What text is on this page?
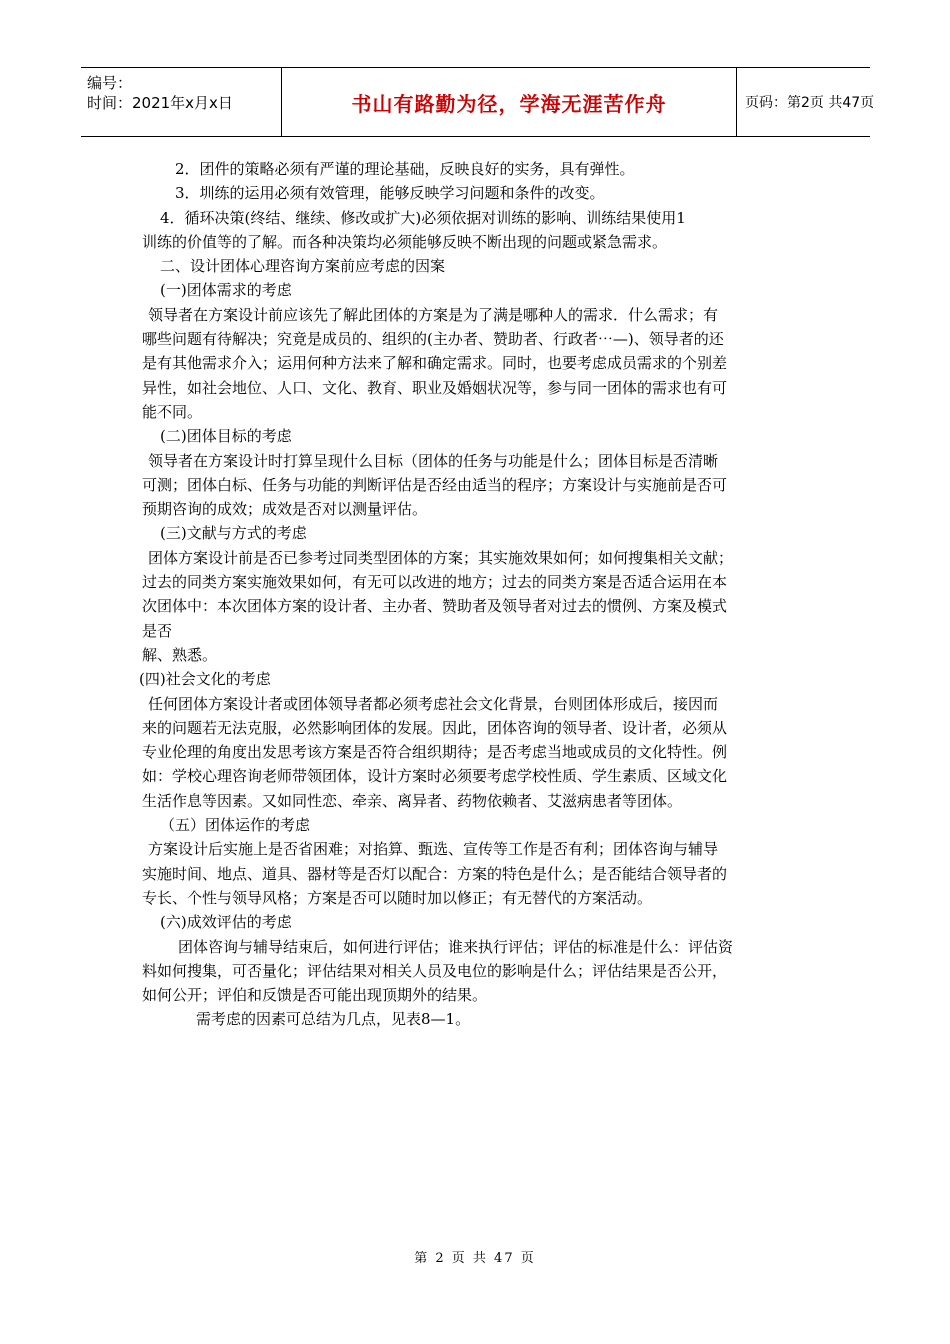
编号：
时间：2021年x月x日	书山有路勤为径，学海无涯苦作舟	页码：第2页 共47页

2．团件的策略必须有严谨的理论基础，反映良好的实务，具有弹性。

3．圳练的运用必须有效管理，能够反映学习问题和条件的改变。

4．循环决策(终结、继续、修改或扩大)必须依据对训练的影响、训练结果使用1

训练的价值等的了解。而各种决策均必须能够反映不断出现的问题或紧急需求。

二、设计团体心理咨询方案前应考虑的因案

(一)团体需求的考虑

领导者在方案设计前应该先了解此团体的方案是为了满是哪种人的需求．什么需求；有

哪些问题有待解决；究竟是成员的、组织的(主办者、赞助者、行政者⋯—)、领导者的还

是有其他需求介入；运用何种方法来了解和确定需求。同时，也要考虑成员需求的个别差

异性，如社会地位、人口、文化、教育、职业及婚姻状况等，参与同一团体的需求也有可

能不同。

(二)团体目标的考虑

领导者在方案设计时打算呈现什么目标（团体的任务与功能是什么；团体目标是否清晰

可测；团体白标、任务与功能的判断评估是否经由适当的程序；方案设计与实施前是否可

预期咨询的成效；成效是否对以测量评估。

(三)文献与方式的考虑

团体方案设计前是否已参考过同类型团体的方案；其实施效果如何；如何搜集相关文献；

过去的同类方案实施效果如何，有无可以改进的地方；过去的同类方案是否适合运用在本

次团体中：本次团体方案的设计者、主办者、赞助者及领导者对过去的惯例、方案及模式

是否

解、熟悉。

(四)社会文化的考虑

任何团体方案设计者或团体领导者都必须考虑社会文化背景，台则团体形成后，接因而

来的问题若无法克服，必然影响团体的发展。因此，团体咨询的领导者、设计者，必须从

专业伦理的角度出发思考该方案是否符合组织期待；是否考虑当地或成员的文化特性。例

如：学校心理咨询老师带领团体，设计方案时必须要考虑学校性质、学生素质、区域文化

生活作息等因素。又如同性恋、牵亲、离异者、药物依赖者、艾滋病患者等团体。

（五）团体运作的考虑

方案设计后实施上是否省困难；对掐算、甄选、宣传等工作是否有利；团体咨询与辅导

实施时间、地点、道具、器材等是否灯以配合：方案的特色是什么；是否能结合领导者的

专长、个性与领导风格；方案是否可以随时加以修正；有无替代的方案活动。

(六)成效评估的考虑

团体咨询与辅导结束后，如何进行评估；谁来执行评估；评估的标准是什么：评估资

料如何搜集，可否量化；评估结果对相关人员及电位的影响是什么；评估结果是否公开，

如何公开；评伯和反馈是否可能出现顶期外的结果。

需考虑的因素可总结为几点，见表8—1。

第 2 页 共 47 页
